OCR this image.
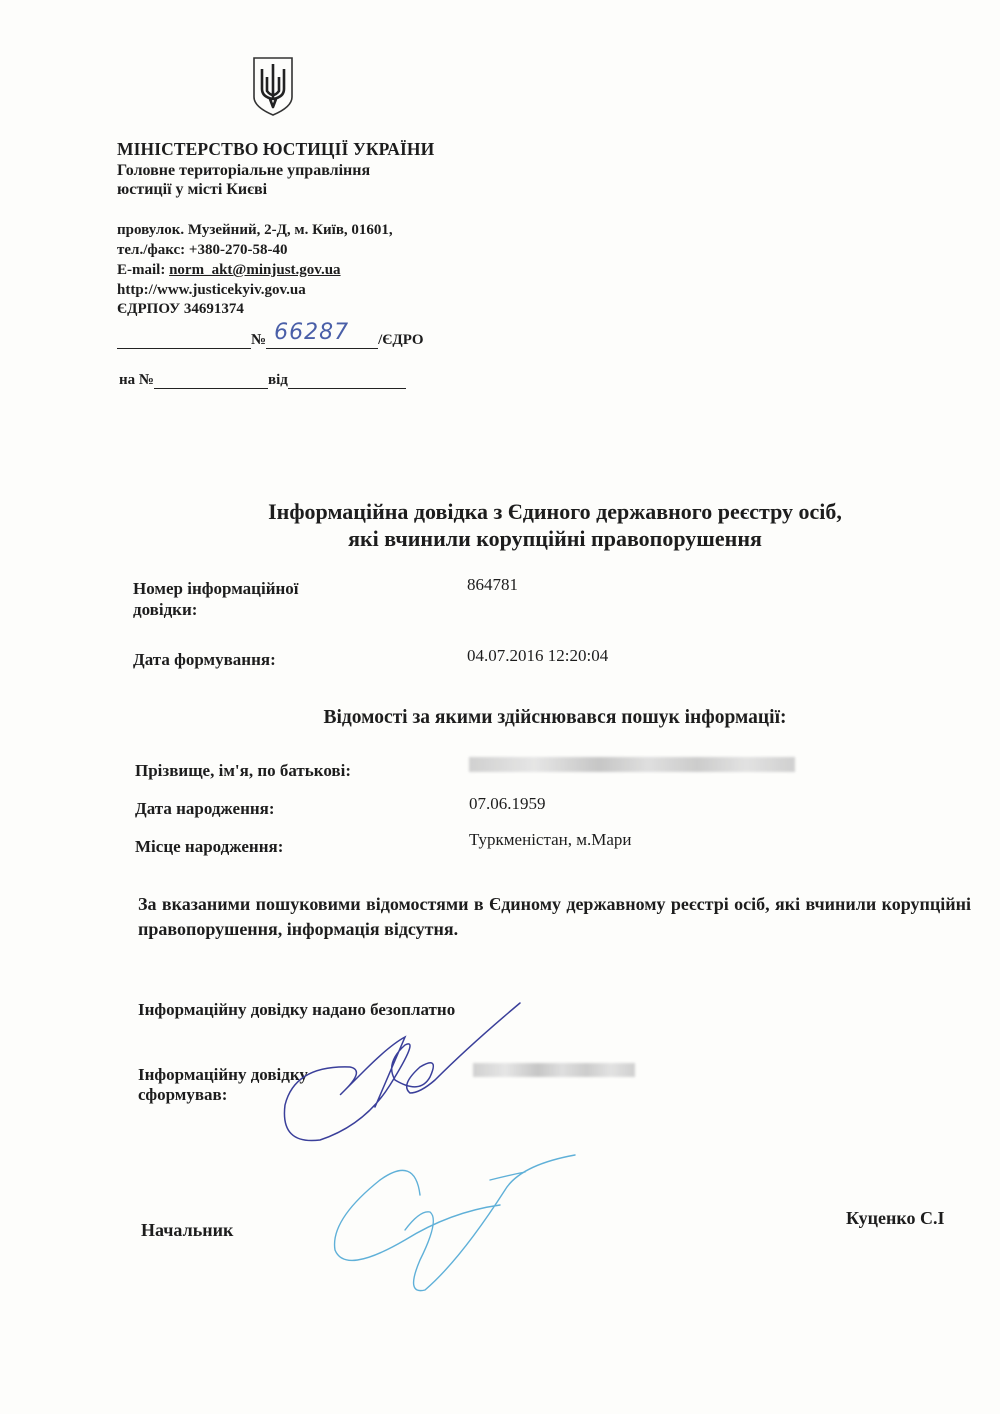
МІНІСТЕРСТВО ЮСТИЦІЇ УКРАЇНИ
Головне територіальне управління
юстиції у місті Києві
провулок. Музейний, 2-Д, м. Київ, 01601,
тел./факс: +380-270-58-40
E-mail: norm_akt@minjust.gov.ua
http://www.justicekyiv.gov.ua
ЄДРПОУ 34691374
№ 66287	/ЄДРО
на №	від
Інформаційна довідка з Єдиного державного реєстру осіб,
які вчинили корупційні правопорушення
Номер інформаційної
довідки:
864781
Дата формування:	04.07.2016 12:20:04
Відомості за якими здійснювався пошук інформації:
Прізвище, ім'я, по батькові:
Дата народження:	07.06.1959
Місце народження:	Туркменістан, м.Мари
За вказаними пошуковими відомостями в Єдиному державному реєстрі осіб, які вчинили корупційні правопорушення, інформація відсутня.
Інформаційну довідку надано безоплатно
Інформаційну довідку
сформував:
Начальник
Куценко С.І
